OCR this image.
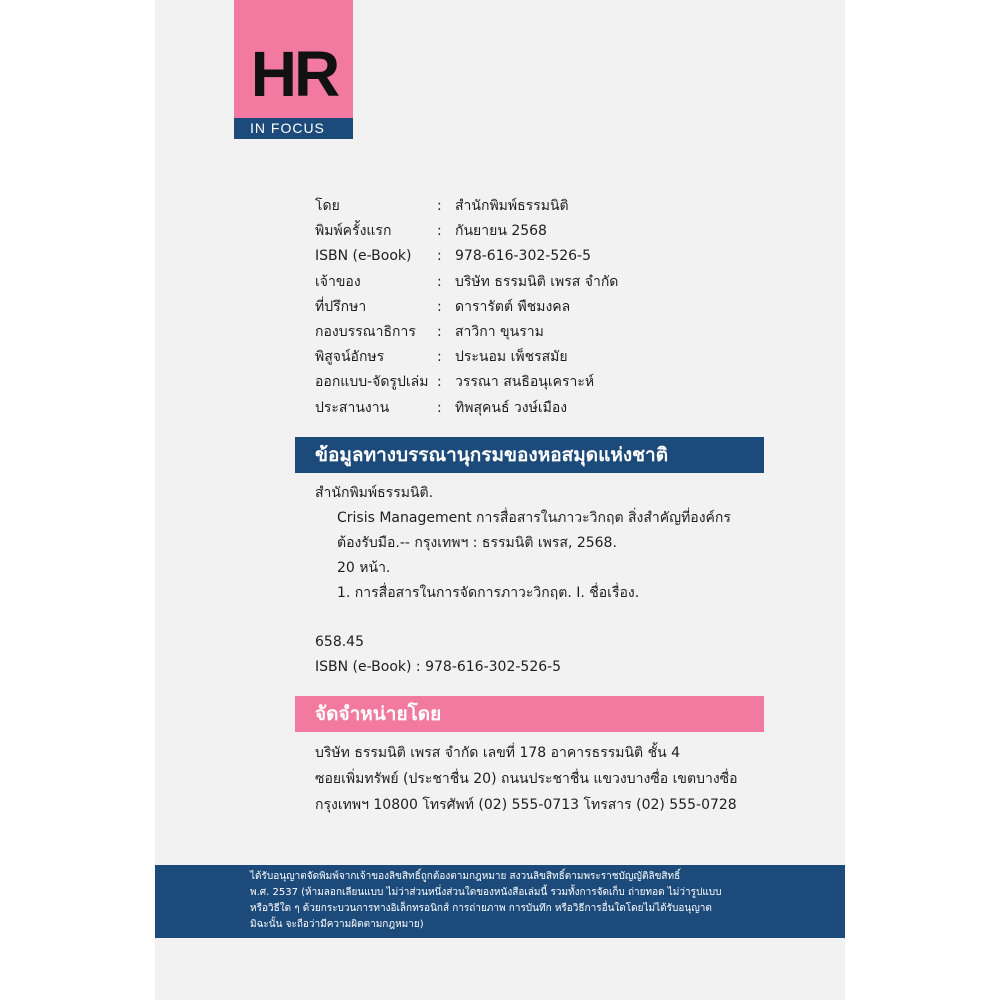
HR
IN FOCUS
โดย	: สำนักพิมพ์ธรรมนิติ
พิมพ์ครั้งแรก	: กันยายน 2568
ISBN (e-Book)	: 978-616-302-526-5
เจ้าของ	: บริษัท ธรรมนิติ เพรส จำกัด
ที่ปรึกษา	: ดารารัตต์ พืชมงคล
กองบรรณาธิการ	: สาวิกา ขุนราม
พิสูจน์อักษร	: ประนอม เพ็ชรสมัย
ออกแบบ-จัดรูปเล่ม : วรรณา สนธิอนุเคราะห์
ประสานงาน	: ทิพสุคนธ์ วงษ์เมือง
ข้อมูลทางบรรณานุกรมของหอสมุดแห่งชาติ
สำนักพิมพ์ธรรมนิติ.
Crisis Management การสื่อสารในภาวะวิกฤต สิ่งสำคัญที่องค์กร
ต้องรับมือ.-- กรุงเทพฯ : ธรรมนิติ เพรส, 2568.
20 หน้า.
1. การสื่อสารในการจัดการภาวะวิกฤต. I. ชื่อเรื่อง.
658.45
ISBN (e-Book) : 978-616-302-526-5
จัดจำหน่ายโดย
บริษัท ธรรมนิติ เพรส จำกัด เลขที่ 178 อาคารธรรมนิติ ชั้น 4
ซอยเพิ่มทรัพย์ (ประชาชื่น 20) ถนนประชาชื่น แขวงบางซื่อ เขตบางซื่อ
กรุงเทพฯ 10800 โทรศัพท์ (02) 555-0713 โทรสาร (02) 555-0728
ได้รับอนุญาตจัดพิมพ์จากเจ้าของลิขสิทธิ์ถูกต้องตามกฎหมาย สงวนลิขสิทธิ์ตามพระราชบัญญัติลิขสิทธิ์
พ.ศ. 2537 (ห้ามลอกเลียนแบบ ไม่ว่าส่วนหนึ่งส่วนใดของหนังสือเล่มนี้ รวมทั้งการจัดเก็บ ถ่ายทอด ไม่ว่ารูปแบบ
หรือวิธีใด ๆ ด้วยกระบวนการทางอิเล็กทรอนิกส์ การถ่ายภาพ การบันทึก หรือวิธีการอื่นใดโดยไม่ได้รับอนุญาต
มิฉะนั้น จะถือว่ามีความผิดตามกฎหมาย)
